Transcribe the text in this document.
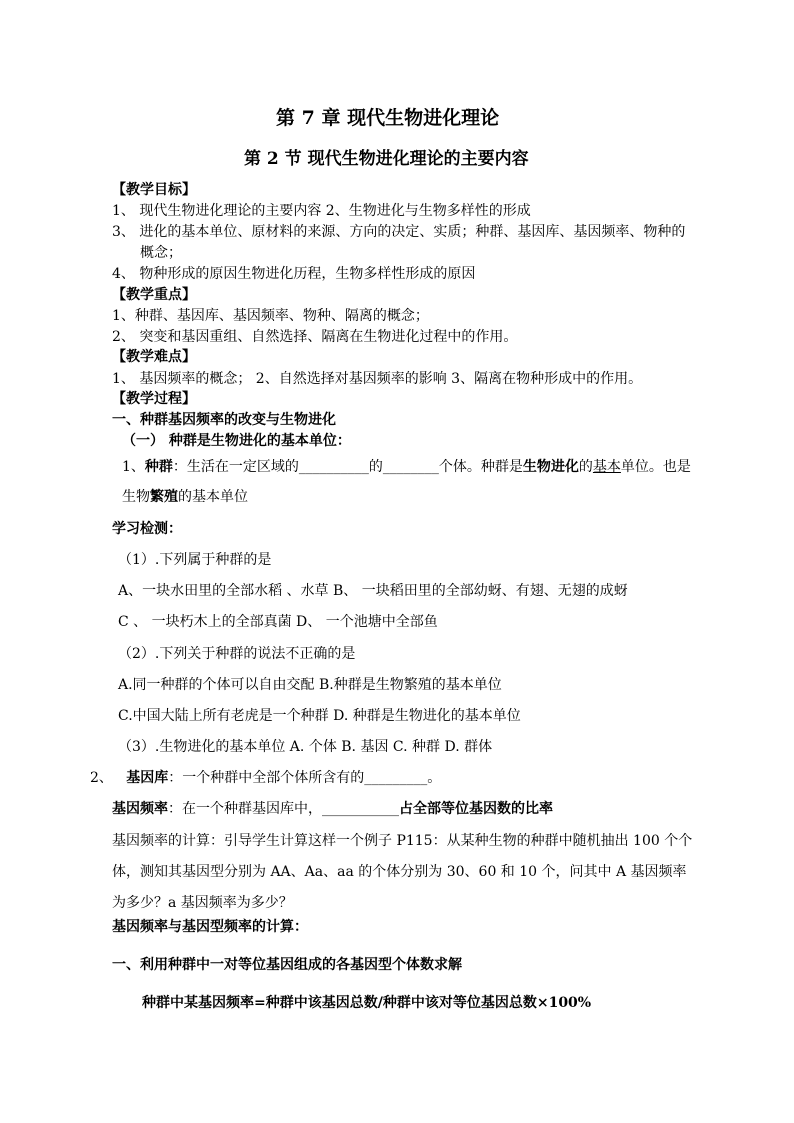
第 7 章 现代生物进化理论
第 2 节 现代生物进化理论的主要内容
【教学目标】
1、 现代生物进化理论的主要内容 2、生物进化与生物多样性的形成
3、 进化的基本单位、原材料的来源、方向的决定、实质；种群、基因库、基因频率、物种的
概念；
4、 物种形成的原因生物进化历程，生物多样性形成的原因
【教学重点】
1、种群、基因库、基因频率、物种、隔离的概念；
2、 突变和基因重组、自然选择、隔离在生物进化过程中的作用。
【教学难点】
1、 基因频率的概念； 2、自然选择对基因频率的影响 3、隔离在物种形成中的作用。
【教学过程】
一、种群基因频率的改变与生物进化
（一） 种群是生物进化的基本单位：
1、种群：生活在一定区域的__________的________个体。种群是生物进化的基本单位。也是
生物繁殖的基本单位
学习检测：
（1）.下列属于种群的是
A、一块水田里的全部水稻 、水草 B、 一块稻田里的全部幼蚜、有翅、无翅的成蚜
C 、 一块朽木上的全部真菌 D、 一个池塘中全部鱼
（2）.下列关于种群的说法不正确的是
A.同一种群的个体可以自由交配 B.种群是生物繁殖的基本单位
C.中国大陆上所有老虎是一个种群 D. 种群是生物进化的基本单位
（3）.生物进化的基本单位 A. 个体 B. 基因 C. 种群 D. 群体
2、 基因库：一个种群中全部个体所含有的_________。
基因频率：在一个种群基因库中，___________占全部等位基因数的比率
基因频率的计算：引导学生计算这样一个例子 P115：从某种生物的种群中随机抽出 100 个个
体，测知其基因型分别为 AA、Aa、aa 的个体分别为 30、60 和 10 个，问其中 A 基因频率
为多少？a 基因频率为多少？
基因频率与基因型频率的计算：
一、利用种群中一对等位基因组成的各基因型个体数求解
种群中某基因频率=种群中该基因总数/种群中该对等位基因总数×100%
